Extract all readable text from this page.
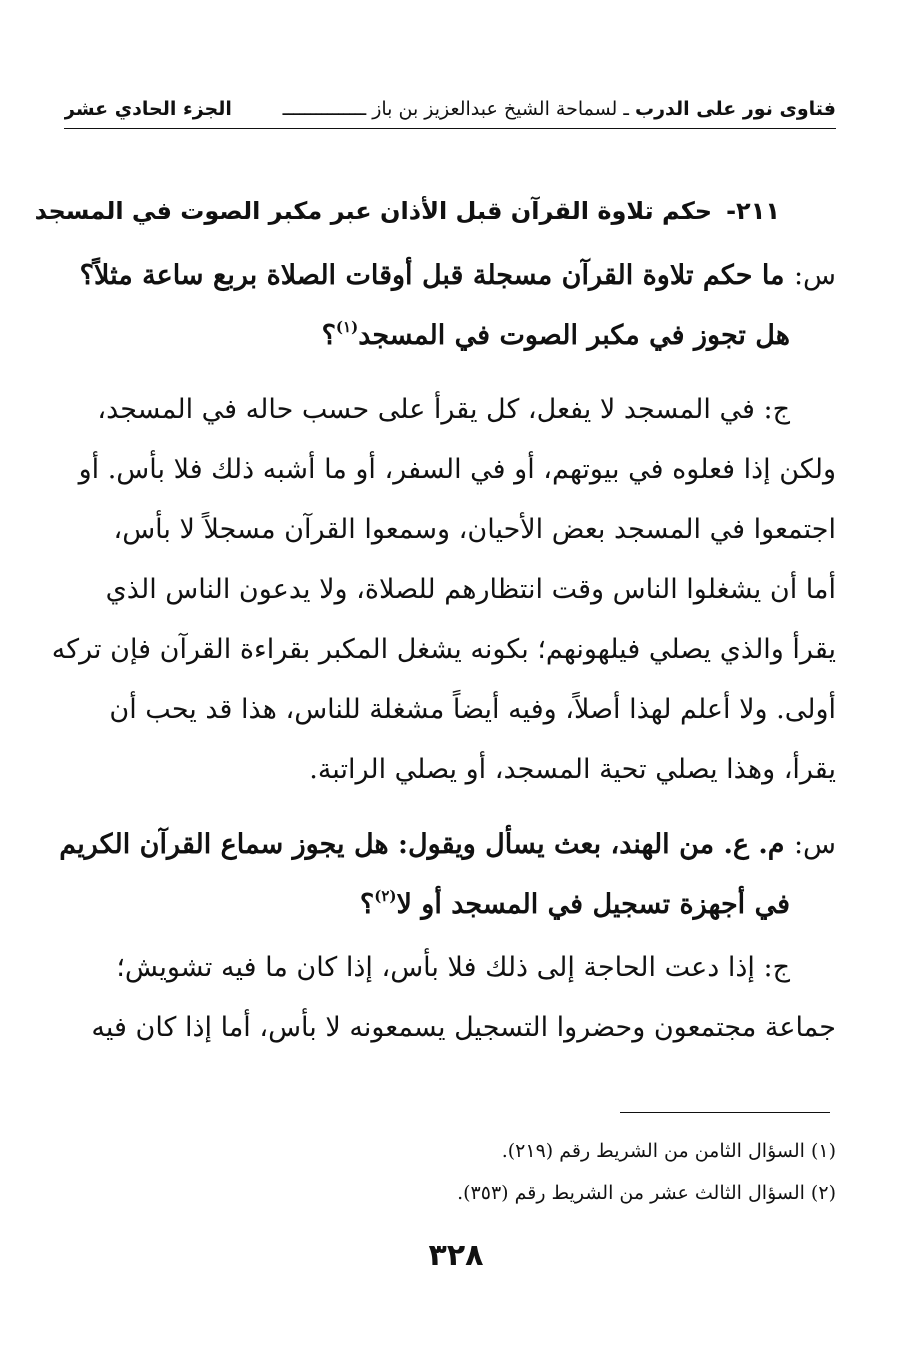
فتاوى نور على الدرب ـ لسماحة الشيخ عبدالعزيز بن باز ـــــــــــــــ
الجزء الحادي عشر
٢١١-حكم تلاوة القرآن قبل الأذان عبر مكبر الصوت في المسجد
س: ما حكم تلاوة القرآن مسجلة قبل أوقات الصلاة بربع ساعة مثلاً؟
هل تجوز في مكبر الصوت في المسجد$^{(١)}$؟
ج: في المسجد لا يفعل، كل يقرأ على حسب حاله في المسجد،
ولكن إذا فعلوه في بيوتهم، أو في السفر، أو ما أشبه ذلك فلا بأس. أو
اجتمعوا في المسجد بعض الأحيان، وسمعوا القرآن مسجلاً لا بأس،
أما أن يشغلوا الناس وقت انتظارهم للصلاة، ولا يدعون الناس الذي
يقرأ والذي يصلي فيلهونهم؛ بكونه يشغل المكبر بقراءة القرآن فإن تركه
أولى. ولا أعلم لهذا أصلاً، وفيه أيضاً مشغلة للناس، هذا قد يحب أن
يقرأ، وهذا يصلي تحية المسجد، أو يصلي الراتبة.
س: م. ع. من الهند، بعث يسأل ويقول: هل يجوز سماع القرآن الكريم
في أجهزة تسجيل في المسجد أو لا$^{(٢)}$؟
ج: إذا دعت الحاجة إلى ذلك فلا بأس، إذا كان ما فيه تشويش؛
جماعة مجتمعون وحضروا التسجيل يسمعونه لا بأس، أما إذا كان فيه
(١) السؤال الثامن من الشريط رقم (٢١٩).
(٢) السؤال الثالث عشر من الشريط رقم (٣٥٣).
٣٢٨
